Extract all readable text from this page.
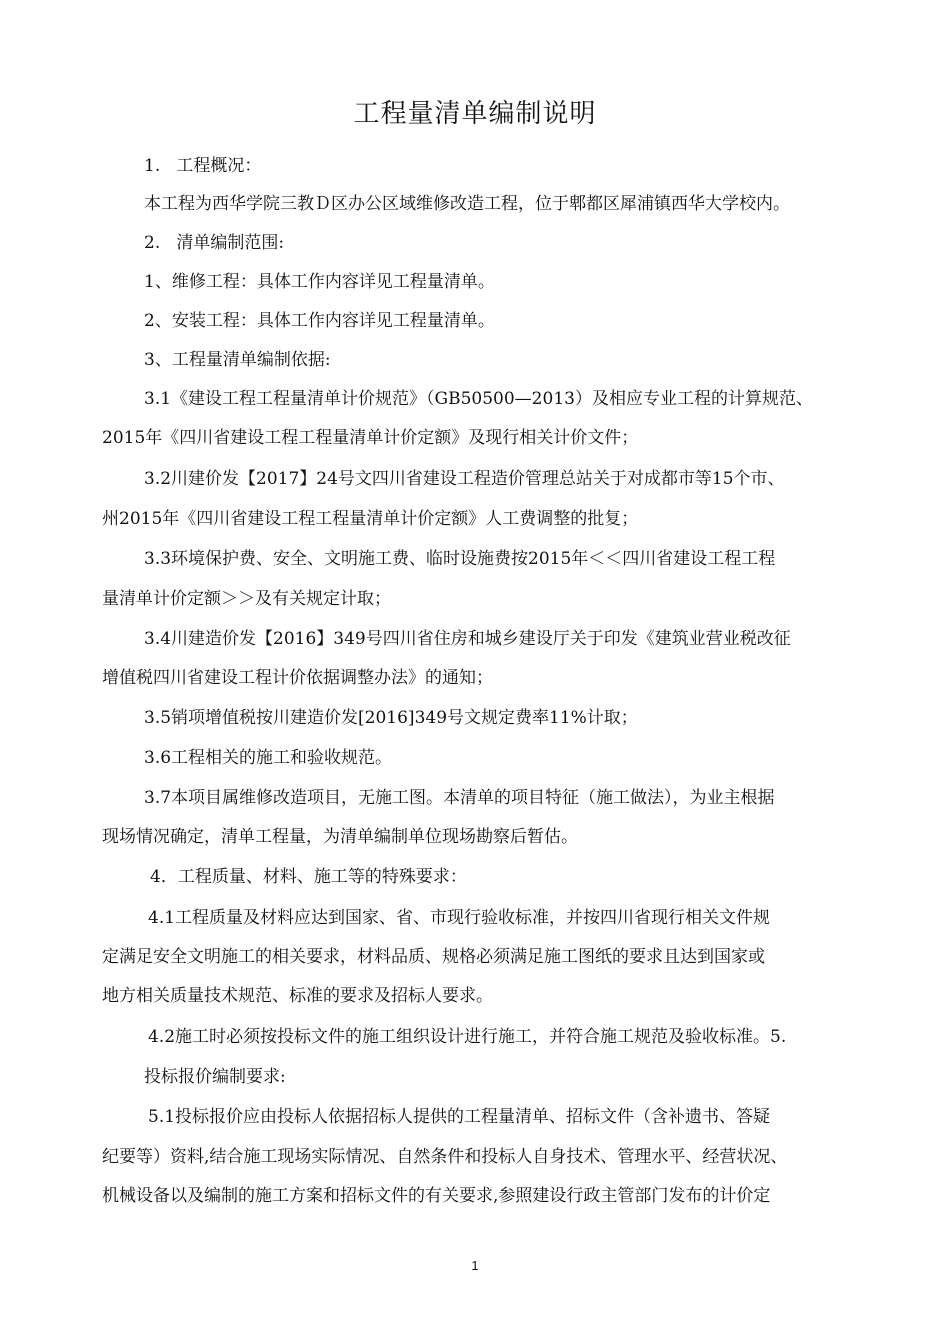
工程量清单编制说明
1.   工程概况：
本工程为西华学院三教Ｄ区办公区域维修改造工程，位于郫都区犀浦镇西华大学校内。
2.   清单编制范围:
1、维修工程：具体工作内容详见工程量清单。
2、安装工程：具体工作内容详见工程量清单。
3、工程量清单编制依据:
3.1《建设工程工程量清单计价规范》（GB50500—2013）及相应专业工程的计算规范、
2015年《四川省建设工程工程量清单计价定额》及现行相关计价文件；
3.2川建价发【2017】24号文四川省建设工程造价管理总站关于对成都市等15个市、
州2015年《四川省建设工程工程量清单计价定额》人工费调整的批复；
3.3环境保护费、安全、文明施工费、临时设施费按2015年＜＜四川省建设工程工程
量清单计价定额＞＞及有关规定计取；
3.4川建造价发【2016】349号四川省住房和城乡建设厅关于印发《建筑业营业税改征
增值税四川省建设工程计价依据调整办法》的通知；
3.5销项增值税按川建造价发[2016]349号文规定费率11%计取；
3.6工程相关的施工和验收规范。
3.7本项目属维修改造项目，无施工图。本清单的项目特征（施工做法），为业主根据
现场情况确定，清单工程量，为清单编制单位现场勘察后暂估。
4．工程质量、材料、施工等的特殊要求：
4.1工程质量及材料应达到国家、省、市现行验收标准，并按四川省现行相关文件规
定满足安全文明施工的相关要求，材料品质、规格必须满足施工图纸的要求且达到国家或
地方相关质量技术规范、标准的要求及招标人要求。
4.2施工时必须按投标文件的施工组织设计进行施工，并符合施工规范及验收标准。5.
投标报价编制要求:
5.1投标报价应由投标人依据招标人提供的工程量清单、招标文件（含补遗书、答疑
纪要等）资料,结合施工现场实际情况、自然条件和投标人自身技术、管理水平、经营状况、
机械设备以及编制的施工方案和招标文件的有关要求,参照建设行政主管部门发布的计价定
1
